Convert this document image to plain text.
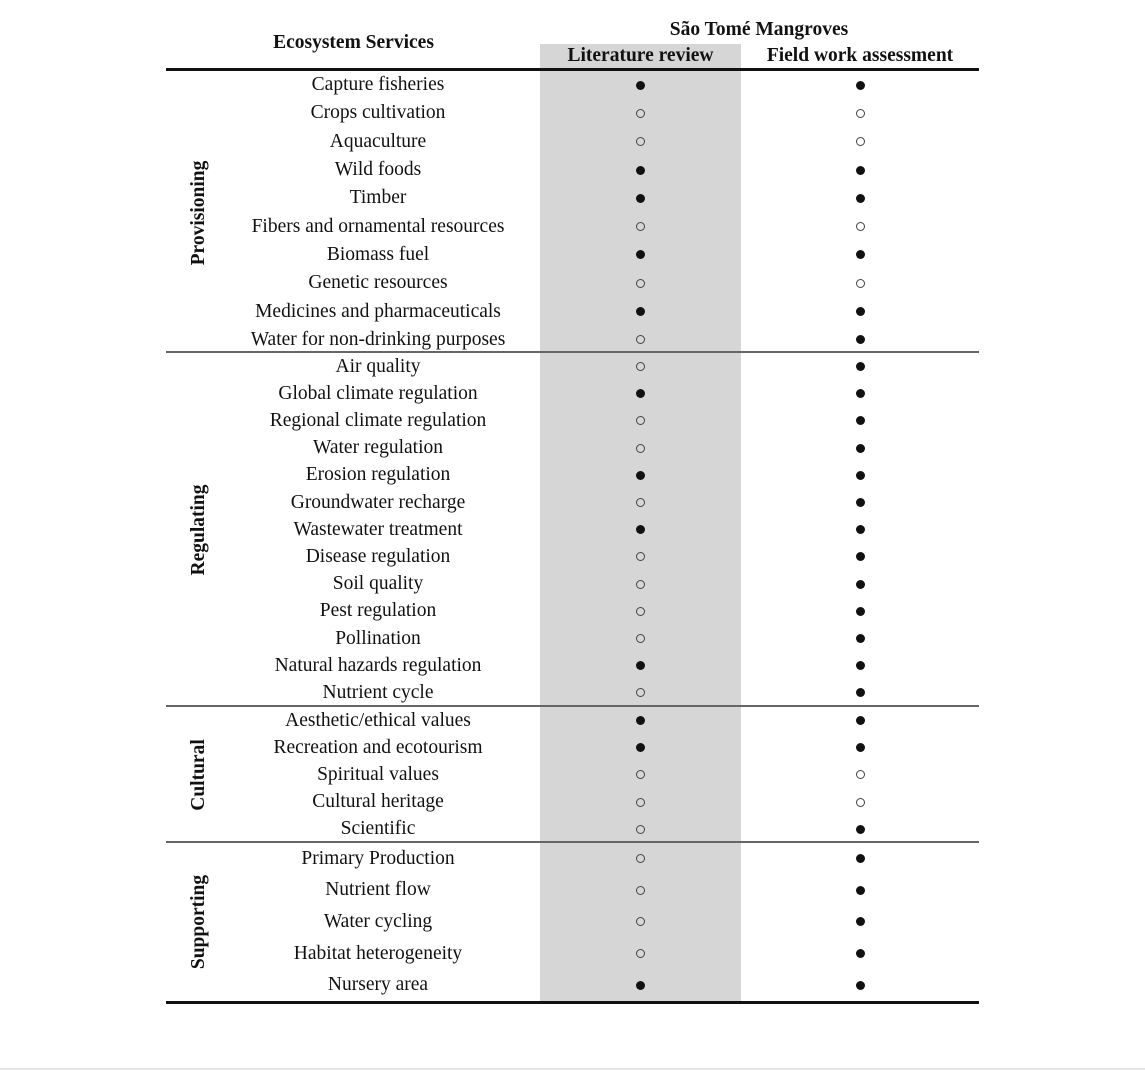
São Tomé Mangroves
Ecosystem Services
Literature review	Field work assessment
Provisioning
Capture fisheries
Crops cultivation
Aquaculture
Wild foods
Timber
Fibers and ornamental resources
Biomass fuel
Genetic resources
Medicines and pharmaceuticals
Water for non-drinking purposes
Regulating
Air quality
Global climate regulation
Regional climate regulation
Water regulation
Erosion regulation
Groundwater recharge
Wastewater treatment
Disease regulation
Soil quality
Pest regulation
Pollination
Natural hazards regulation
Nutrient cycle
Cultural
Aesthetic/ethical values
Recreation and ecotourism
Spiritual values
Cultural heritage
Scientific
Supporting
Primary Production
Nutrient flow
Water cycling
Habitat heterogeneity
Nursery area
